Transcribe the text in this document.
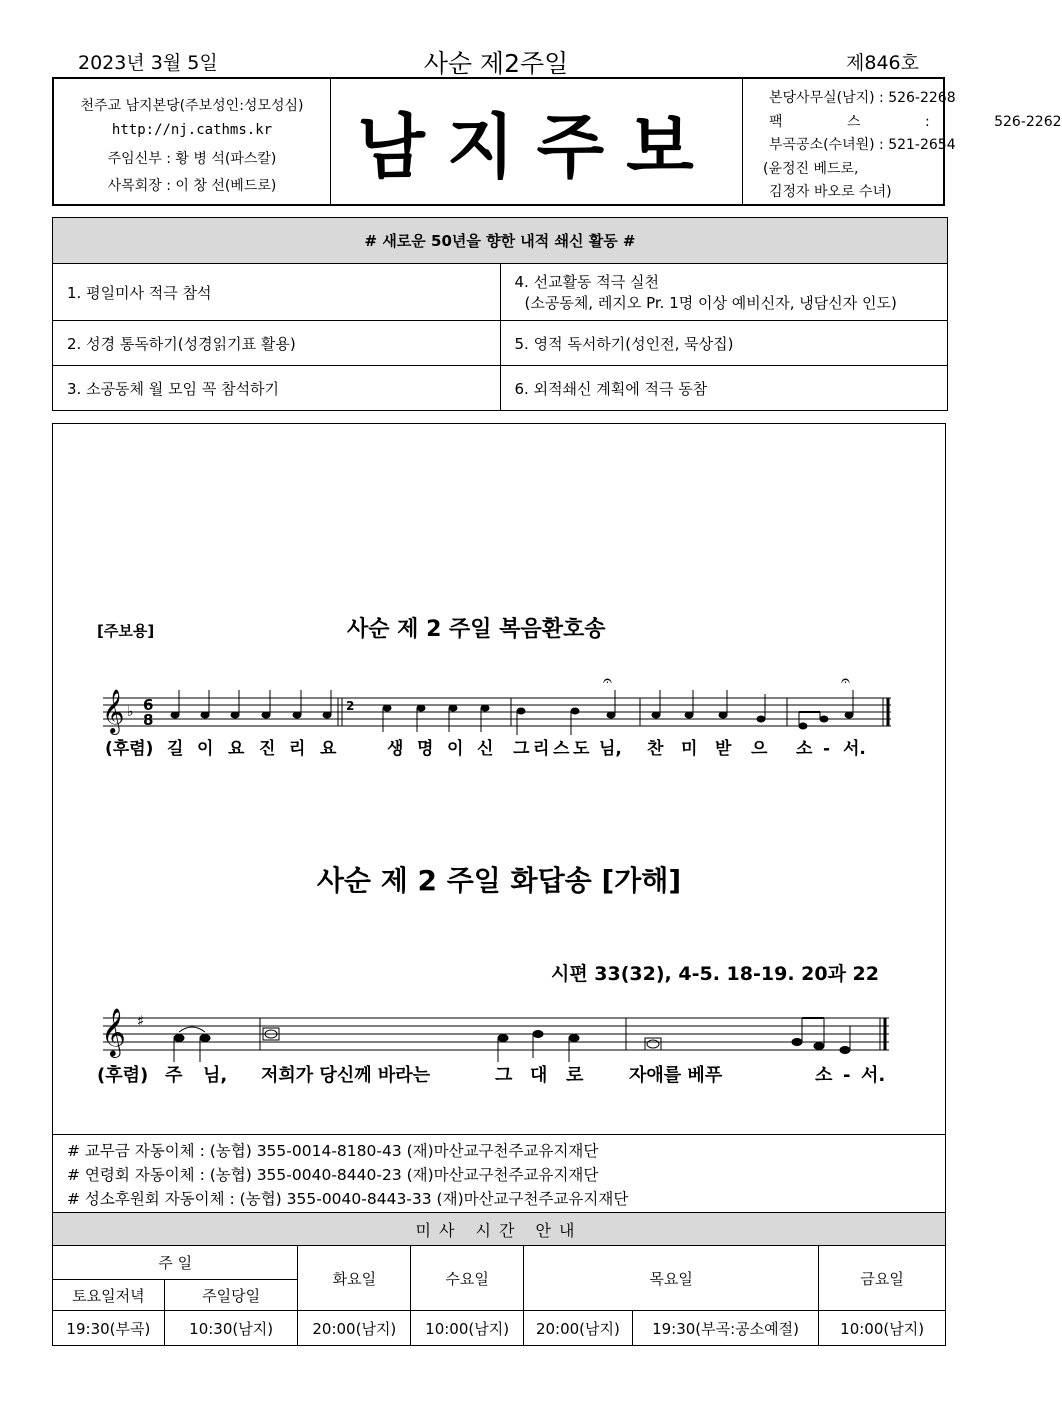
2023년 3월 5일	사순 제2주일	제846호
천주교 남지본당(주보성인:성모성심)
http://nj.cathms.kr
주임신부 : 황 병 석(파스칼)
사목회장 : 이 창 선(베드로)	남지주보
본당사무실(남지) : 526-2268
팩 스 : 526-2262
부곡공소(수녀원) : 521-2654
(윤정진 베드로,
김정자 바오로 수녀)
# 새로운 50년을 향한 내적 쇄신 활동 #	
1. 평일미사 적극 참석	4. 선교활동 적극 실천
(소공동체, 레지오 Pr. 1명 이상 예비신자, 냉담신자 인도)

2. 성경 통독하기(성경읽기표 활용)	5. 영적 독서하기(성인전, 묵상집)
3. 소공동체 월 모임 꼭 참석하기	6. 외적쇄신 계획에 적극 동참
[주보용]	사순 제 2 주일 복음환호송
𝄞 ♭ 6
8
2
𝄐	𝄐
(후렴) 길 이 요 진 리 요	생 명 이 신 그 리 스 도 님, 찬 미 받 으 소 - 서.
사순 제 2 주일 화답송 [가해]
시편 33(32), 4-5. 18-19. 20과 22
𝄞 ♯
(후렴) 주 님, 저희가 당신께 바라는	그 대 로	자애를 베푸	소 - 서.
# 교무금 자동이체 : (농협) 355-0014-8180-43 (재)마산교구천주교유지재단
# 연령회 자동이체 : (농협) 355-0040-8440-23 (재)마산교구천주교유지재단
# 성소후원회 자동이체 : (농협) 355-0040-8443-33 (재)마산교구천주교유지재단
미사 시간 안내						
주 일		화요일	수요일	목요일		금요일
토요일저녁	주일당일					
19:30(부곡)	10:30(남지)	20:00(남지)	10:00(남지)	20:00(남지)	19:30(부곡:공소예절)	10:00(남지)
